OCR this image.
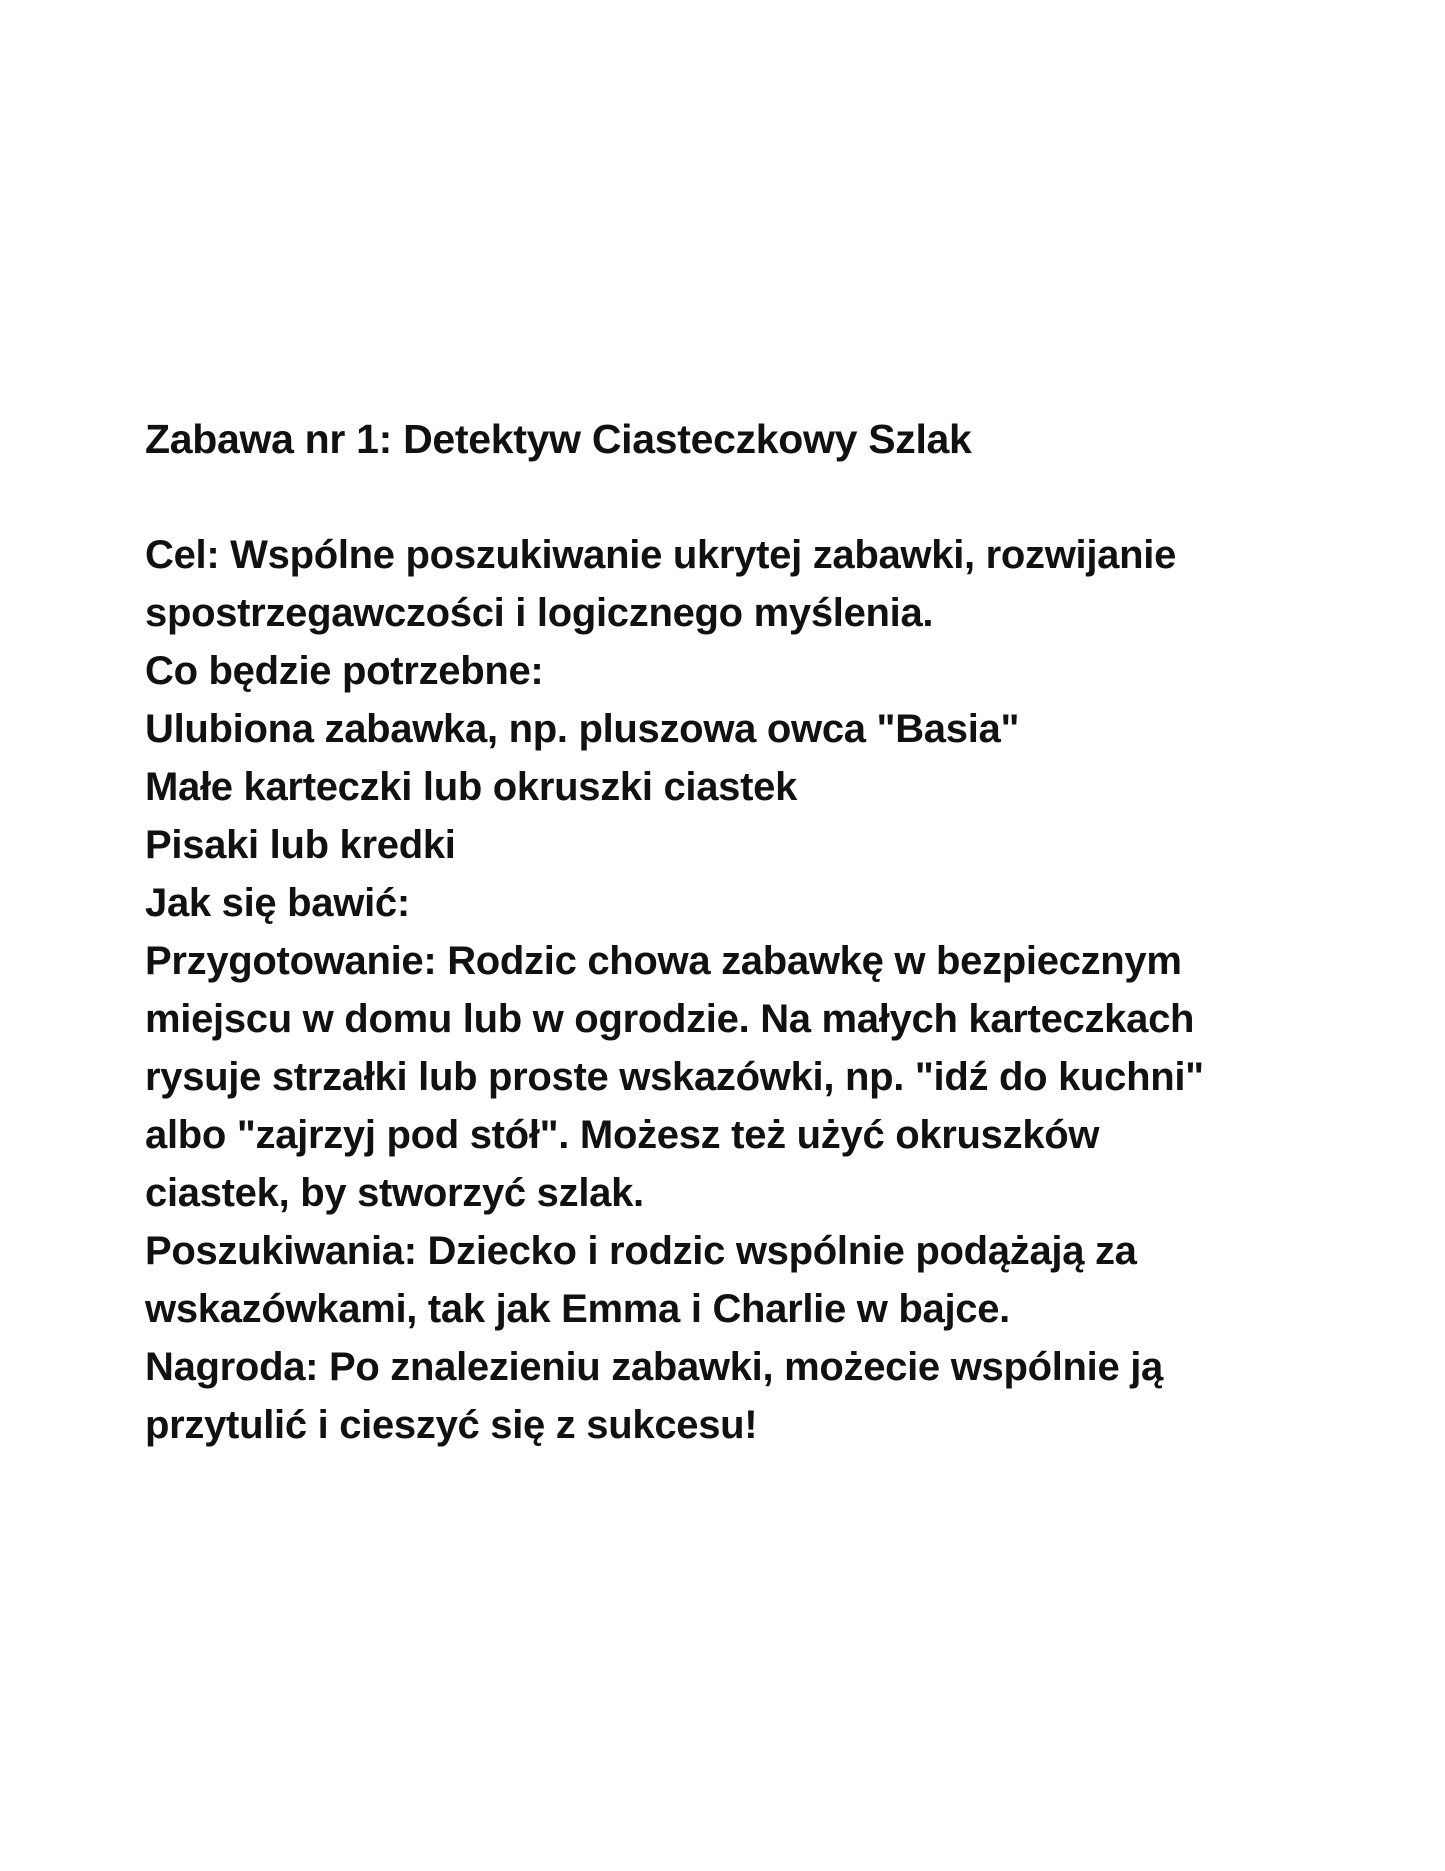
Zabawa nr 1: Detektyw Ciasteczkowy Szlak

Cel: Wspólne poszukiwanie ukrytej zabawki, rozwijanie

spostrzegawczości i logicznego myślenia.

Co będzie potrzebne:

Ulubiona zabawka, np. pluszowa owca "Basia"

Małe karteczki lub okruszki ciastek

Pisaki lub kredki

Jak się bawić:

Przygotowanie: Rodzic chowa zabawkę w bezpiecznym

miejscu w domu lub w ogrodzie. Na małych karteczkach

rysuje strzałki lub proste wskazówki, np. "idź do kuchni"

albo "zajrzyj pod stół". Możesz też użyć okruszków

ciastek, by stworzyć szlak.

Poszukiwania: Dziecko i rodzic wspólnie podążają za

wskazówkami, tak jak Emma i Charlie w bajce.

Nagroda: Po znalezieniu zabawki, możecie wspólnie ją

przytulić i cieszyć się z sukcesu!
